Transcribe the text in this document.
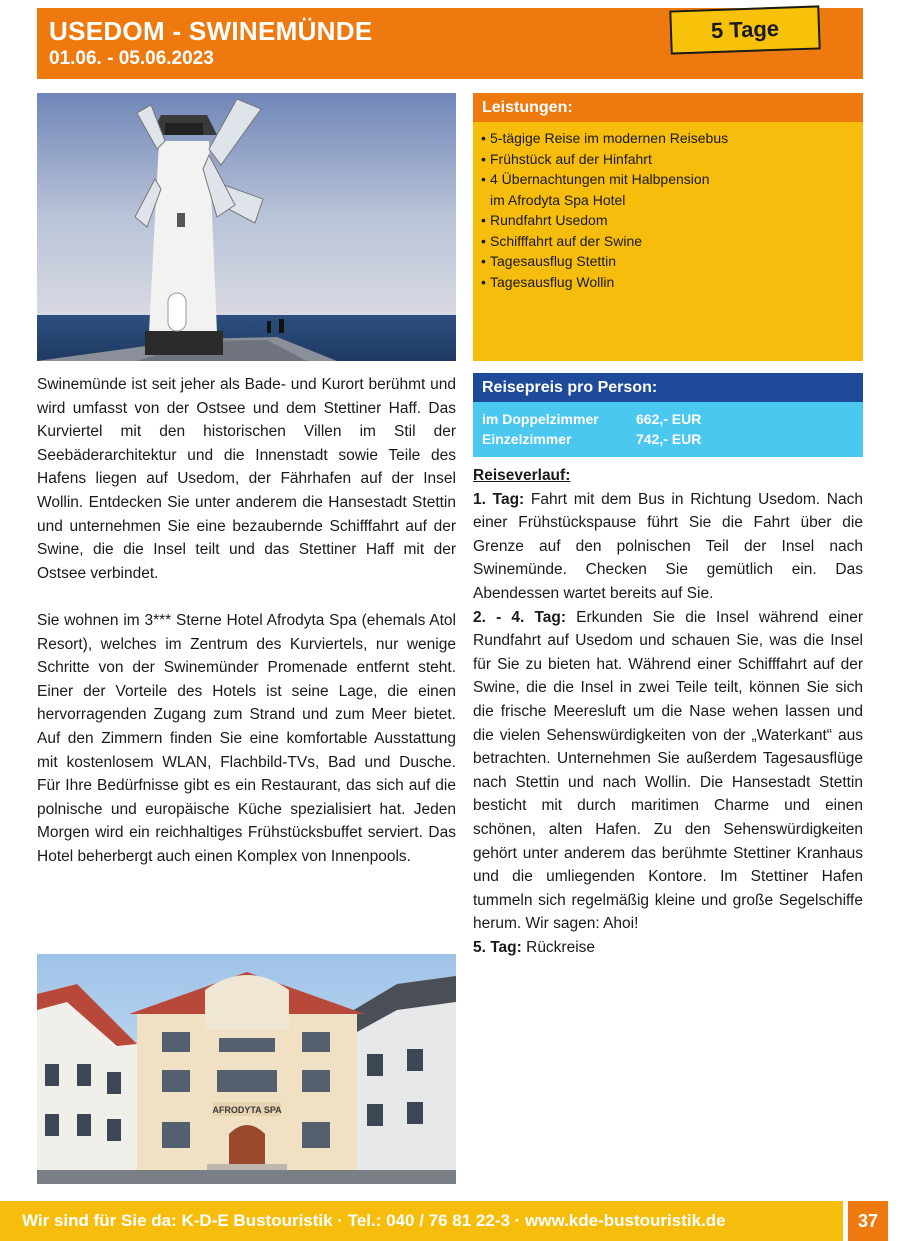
USEDOM - SWINEMÜNDE
01.06. - 05.06.2023
5 Tage
Leistungen:
• 5-tägige Reise im modernen Reisebus
• Frühstück auf der Hinfahrt
• 4 Übernachtungen mit Halbpension
im Afrodyta Spa Hotel
• Rundfahrt Usedom
• Schifffahrt auf der Swine
• Tagesausflug Stettin
• Tagesausflug Wollin
Reisepreis pro Person:
im Doppelzimmer	662,- EUR
Einzelzimmer	742,- EUR

Swinemünde ist seit jeher als Bade- und Kurort berühmt und wird umfasst von der Ostsee und dem Stettiner Haff. Das Kurviertel mit den historischen Villen im Stil der Seebäderarchitektur und die Innenstadt sowie Teile des Hafens liegen auf Usedom, der Fährhafen auf der Insel Wollin. Entdecken Sie unter anderem die Hansestadt Stettin und unternehmen Sie eine bezaubernde Schifffahrt auf der Swine, die die Insel teilt und das Stettiner Haff mit der Ostsee verbindet.

Sie wohnen im 3*** Sterne Hotel Afrodyta Spa (ehemals Atol Resort), welches im Zentrum des Kurviertels, nur wenige Schritte von der Swinemünder Promenade entfernt steht. Einer der Vorteile des Hotels ist seine Lage, die einen hervorragenden Zugang zum Strand und zum Meer bietet. Auf den Zimmern finden Sie eine komfortable Ausstattung mit kostenlosem WLAN, Flachbild-TVs, Bad und Dusche. Für Ihre Bedürfnisse gibt es ein Restaurant, das sich auf die polnische und europäische Küche spezialisiert hat. Jeden Morgen wird ein reichhaltiges Frühstücksbuffet serviert. Das Hotel beherbergt auch einen Komplex von Innenpools.

Reiseverlauf:

1. Tag: Fahrt mit dem Bus in Richtung Usedom. Nach einer Frühstückspause führt Sie die Fahrt über die Grenze auf den polnischen Teil der Insel nach Swinemünde. Checken Sie gemütlich ein. Das Abendessen wartet bereits auf Sie.

2. - 4. Tag: Erkunden Sie die Insel während einer Rundfahrt auf Usedom und schauen Sie, was die Insel für Sie zu bieten hat. Während einer Schifffahrt auf der Swine, die die Insel in zwei Teile teilt, können Sie sich die frische Meeresluft um die Nase wehen lassen und die vielen Sehenswürdigkeiten von der „Waterkant“ aus betrachten. Unternehmen Sie außerdem Tagesausflüge nach Stettin und nach Wollin. Die Hansestadt Stettin besticht mit durch maritimen Charme und einen schönen, alten Hafen. Zu den Sehenswürdigkeiten gehört unter anderem das berühmte Stettiner Kranhaus und die umliegenden Kontore. Im Stettiner Hafen tummeln sich regelmäßig kleine und große Segelschiffe herum. Wir sagen: Ahoi!

5. Tag: Rückreise

AFRODYTA SPA
Wir sind für Sie da: K-D-E Bustouristik · Tel.: 040 / 76 81 22-3 · www.kde-bustouristik.de	37
